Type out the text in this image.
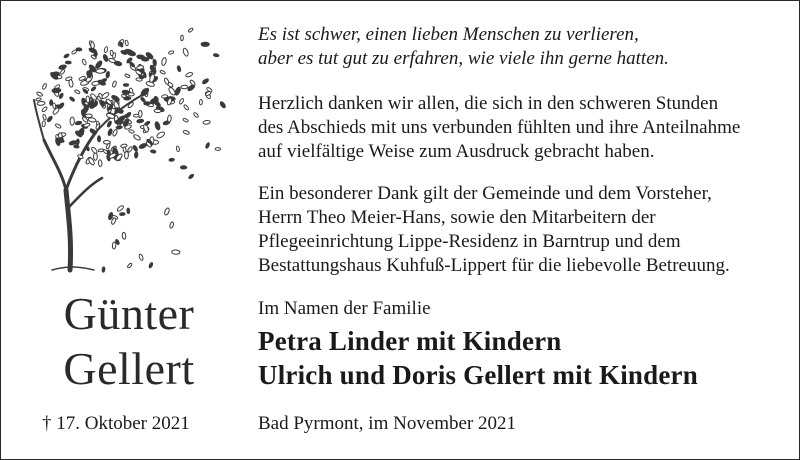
Günter
Gellert
† 17. Oktober 2021
Es ist schwer, einen lieben Menschen zu verlieren,
aber es tut gut zu erfahren, wie viele ihn gerne hatten.
Herzlich danken wir allen, die sich in den schweren Stunden
des Abschieds mit uns verbunden fühlten und ihre Anteilnahme
auf vielfältige Weise zum Ausdruck gebracht haben.
Ein besonderer Dank gilt der Gemeinde und dem Vorsteher,
Herrn Theo Meier-Hans, sowie den Mitarbeitern der
Pflegeeinrichtung Lippe-Residenz in Barntrup und dem
Bestattungshaus Kuhfuß-Lippert für die liebevolle Betreuung.
Im Namen der Familie
Petra Linder mit Kindern
Ulrich und Doris Gellert mit Kindern
Bad Pyrmont, im November 2021
